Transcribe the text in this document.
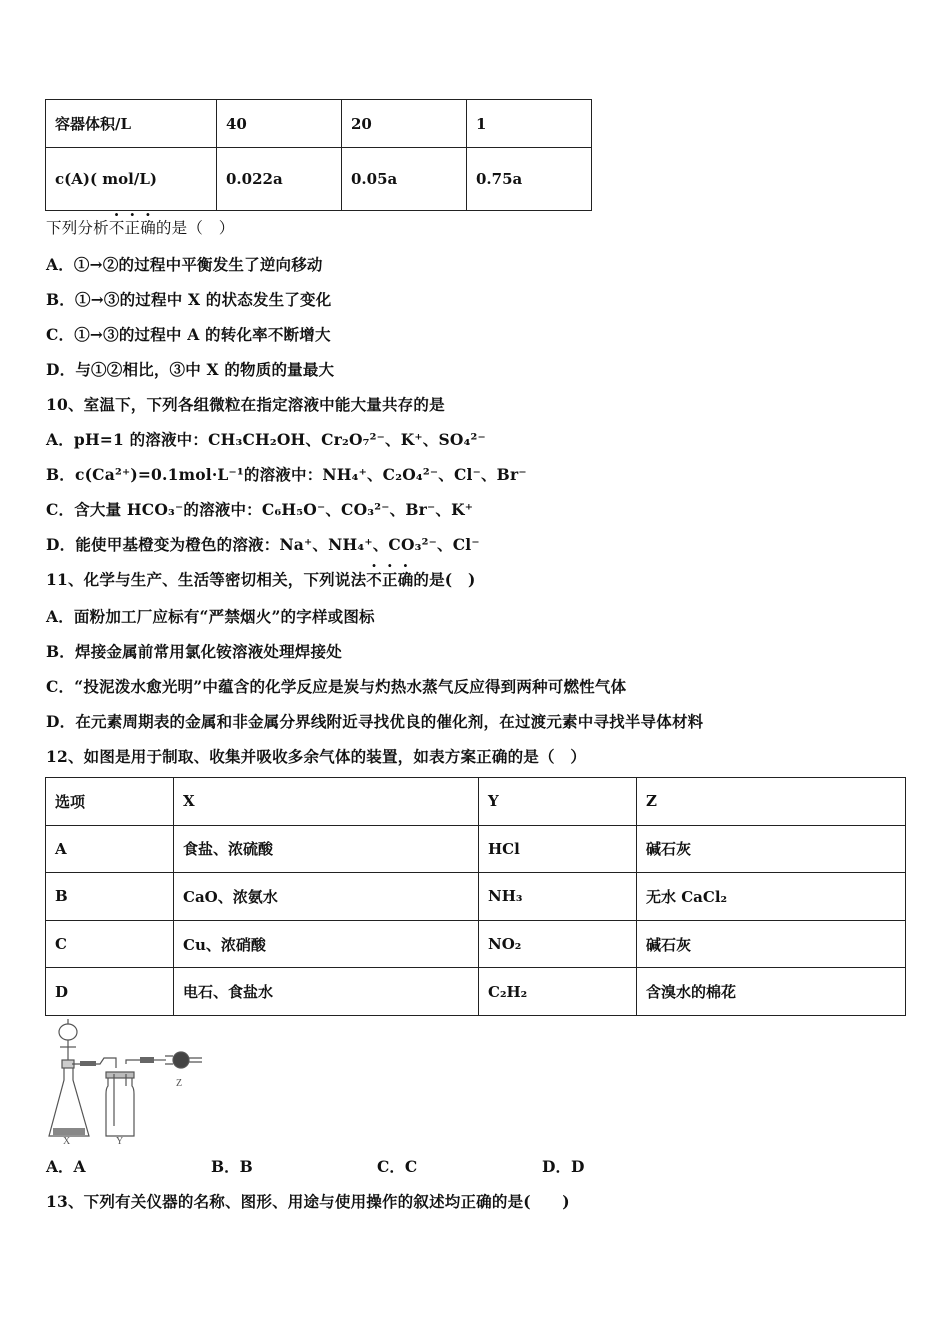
容器体积/L	40	20	1
c(A)( mol/L)	0.022a	0.05a	0.75a
下列分析不正确的是（　）
A．①→②的过程中平衡发生了逆向移动
B．①→③的过程中 X 的状态发生了变化
C．①→③的过程中 A 的转化率不断增大
D．与①②相比，③中 X 的物质的量最大
10、室温下，下列各组微粒在指定溶液中能大量共存的是
A．pH=1 的溶液中：CH₃CH₂OH、Cr₂O₇²⁻、K⁺、SO₄²⁻
B．c(Ca²⁺)=0.1mol·L⁻¹的溶液中：NH₄⁺、C₂O₄²⁻、Cl⁻、Br⁻
C．含大量 HCO₃⁻的溶液中：C₆H₅O⁻、CO₃²⁻、Br⁻、K⁺
D．能使甲基橙变为橙色的溶液：Na⁺、NH₄⁺、CO₃²⁻、Cl⁻
11、化学与生产、生活等密切相关，下列说法不正确的是(　)
A．面粉加工厂应标有“严禁烟火”的字样或图标
B．焊接金属前常用氯化铵溶液处理焊接处
C．“投泥泼水愈光明”中蕴含的化学反应是炭与灼热水蒸气反应得到两种可燃性气体
D．在元素周期表的金属和非金属分界线附近寻找优良的催化剂，在过渡元素中寻找半导体材料
12、如图是用于制取、收集并吸收多余气体的装置，如表方案正确的是（　）
选项	X	Y	Z
A	食盐、浓硫酸	HCl	碱石灰
B	CaO、浓氨水	NH₃	无水 CaCl₂
C	Cu、浓硝酸	NO₂	碱石灰
D	电石、食盐水	C₂H₂	含溴水的棉花
X	Y
Z
A．A	B．B	C．C	D．D
13、下列有关仪器的名称、图形、用途与使用操作的叙述均正确的是(　　)
